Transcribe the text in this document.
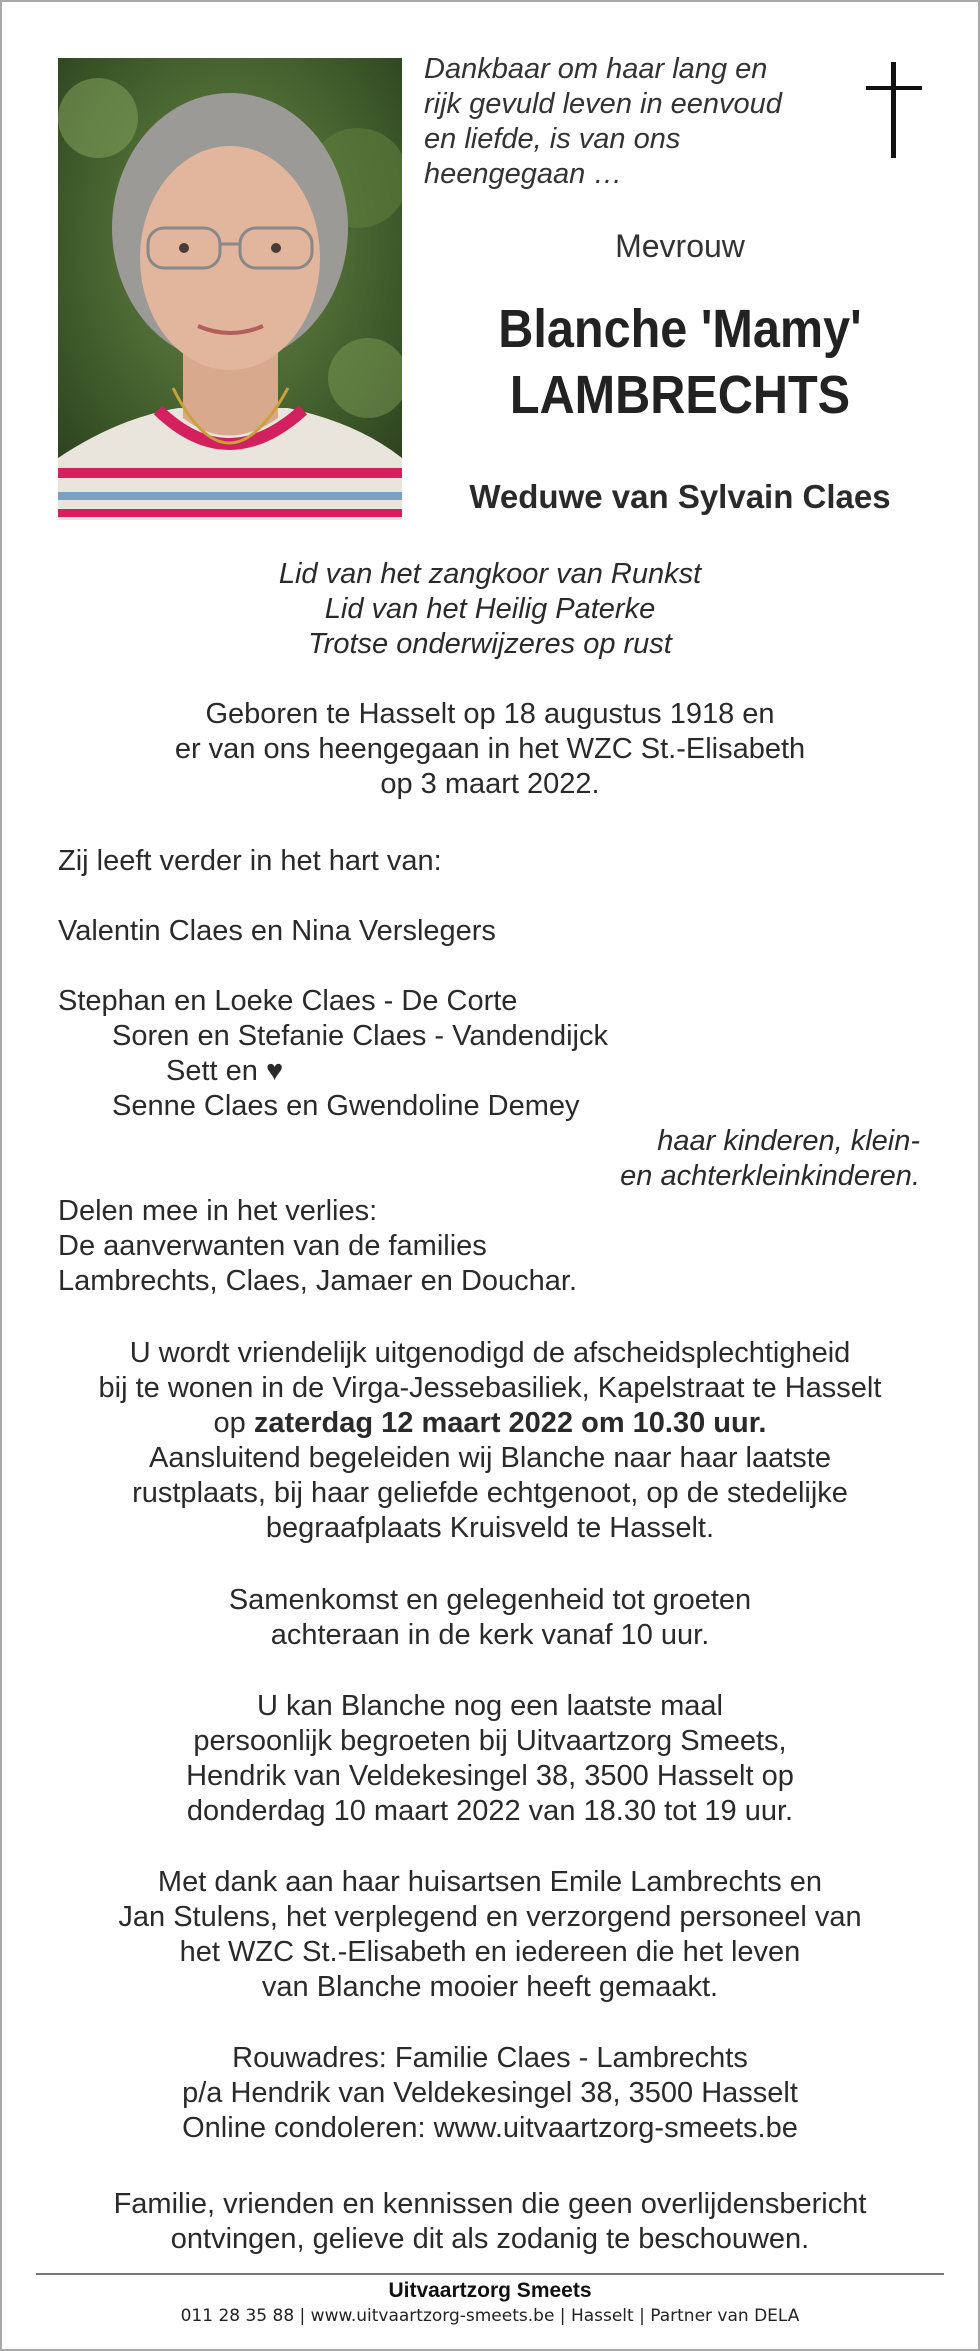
Dankbaar om haar lang en
rijk gevuld leven in eenvoud
en liefde, is van ons
heengegaan …
Mevrouw
Blanche 'Mamy'
LAMBRECHTS
Weduwe van Sylvain Claes
Lid van het zangkoor van Runkst
Lid van het Heilig Paterke
Trotse onderwijzeres op rust
Geboren te Hasselt op 18 augustus 1918 en
er van ons heengegaan in het WZC St.-Elisabeth
op 3 maart 2022.
Zij leeft verder in het hart van:
Valentin Claes en Nina Verslegers
Stephan en Loeke Claes - De Corte
Soren en Stefanie Claes - Vandendijck
Sett en ♥
Senne Claes en Gwendoline Demey
haar kinderen, klein-
en achterkleinkinderen.
Delen mee in het verlies:
De aanverwanten van de families
Lambrechts, Claes, Jamaer en Douchar.
U wordt vriendelijk uitgenodigd de afscheidsplechtigheid
bij te wonen in de Virga-Jessebasiliek, Kapelstraat te Hasselt
op zaterdag 12 maart 2022 om 10.30 uur.
Aansluitend begeleiden wij Blanche naar haar laatste
rustplaats, bij haar geliefde echtgenoot, op de stedelijke
begraafplaats Kruisveld te Hasselt.
Samenkomst en gelegenheid tot groeten
achteraan in de kerk vanaf 10 uur.
U kan Blanche nog een laatste maal
persoonlijk begroeten bij Uitvaartzorg Smeets,
Hendrik van Veldekesingel 38, 3500 Hasselt op
donderdag 10 maart 2022 van 18.30 tot 19 uur.
Met dank aan haar huisartsen Emile Lambrechts en
Jan Stulens, het verplegend en verzorgend personeel van
het WZC St.-Elisabeth en iedereen die het leven
van Blanche mooier heeft gemaakt.
Rouwadres: Familie Claes - Lambrechts
p/a Hendrik van Veldekesingel 38, 3500 Hasselt
Online condoleren: www.uitvaartzorg-smeets.be
Familie, vrienden en kennissen die geen overlijdensbericht
ontvingen, gelieve dit als zodanig te beschouwen.
Uitvaartzorg Smeets
011 28 35 88 | www.uitvaartzorg-smeets.be | Hasselt | Partner van DELA
